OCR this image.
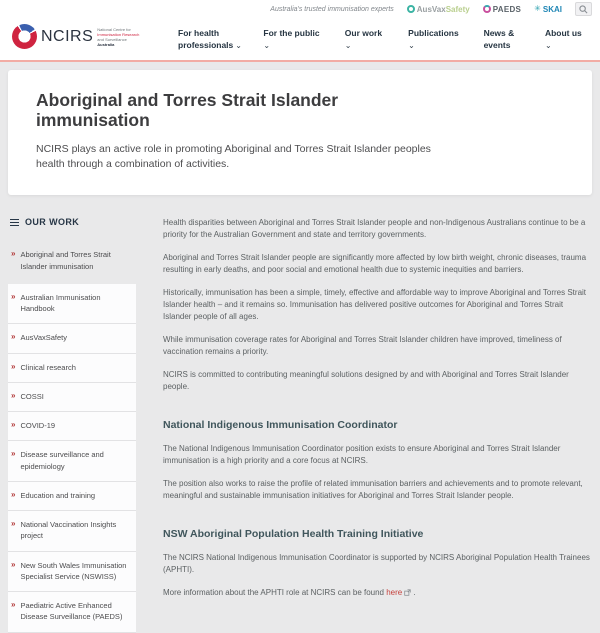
Australia's trusted immunisation experts	AusVaxSafety	PAEDS ✳ SKAI
NCIRS National Centre for
Immunisation Research
and Surveillance
Australia
For health professionals ⌄
For the public
⌄
Our work
⌄
Publications
⌄
News & events
About us
⌄
Aboriginal and Torres Strait Islander immunisation

NCIRS plays an active role in promoting Aboriginal and Torres Strait Islander peoples health through a combination of activities.

OUR WORK
» Aboriginal and Torres Strait Islander immunisation
» Australian Immunisation Handbook
» AusVaxSafety
» Clinical research
» COSSI
» COVID-19
» Disease surveillance and epidemiology
» Education and training
» National Vaccination Insights project
» New South Wales Immunisation Specialist Service (NSWISS)
» Paediatric Active Enhanced Disease Surveillance (PAEDS)

Health disparities between Aboriginal and Torres Strait Islander people and non-Indigenous Australians continue to be a priority for the Australian Government and state and territory governments.

Aboriginal and Torres Strait Islander people are significantly more affected by low birth weight, chronic diseases, trauma resulting in early deaths, and poor social and emotional health due to systemic inequities and barriers.

Historically, immunisation has been a simple, timely, effective and affordable way to improve Aboriginal and Torres Strait Islander health – and it remains so. Immunisation has delivered positive outcomes for Aboriginal and Torres Strait Islander people of all ages.

While immunisation coverage rates for Aboriginal and Torres Strait Islander children have improved, timeliness of vaccination remains a priority.

NCIRS is committed to contributing meaningful solutions designed by and with Aboriginal and Torres Strait Islander people.

National Indigenous Immunisation Coordinator

The National Indigenous Immunisation Coordinator position exists to ensure Aboriginal and Torres Strait Islander immunisation is a high priority and a core focus at NCIRS.

The position also works to raise the profile of related immunisation barriers and achievements and to promote relevant, meaningful and sustainable immunisation initiatives for Aboriginal and Torres Strait Islander people.

NSW Aboriginal Population Health Training Initiative

The NCIRS National Indigenous Immunisation Coordinator is supported by NCIRS Aboriginal Population Health Trainees (APHTI).

More information about the APHTI role at NCIRS can be found here .
